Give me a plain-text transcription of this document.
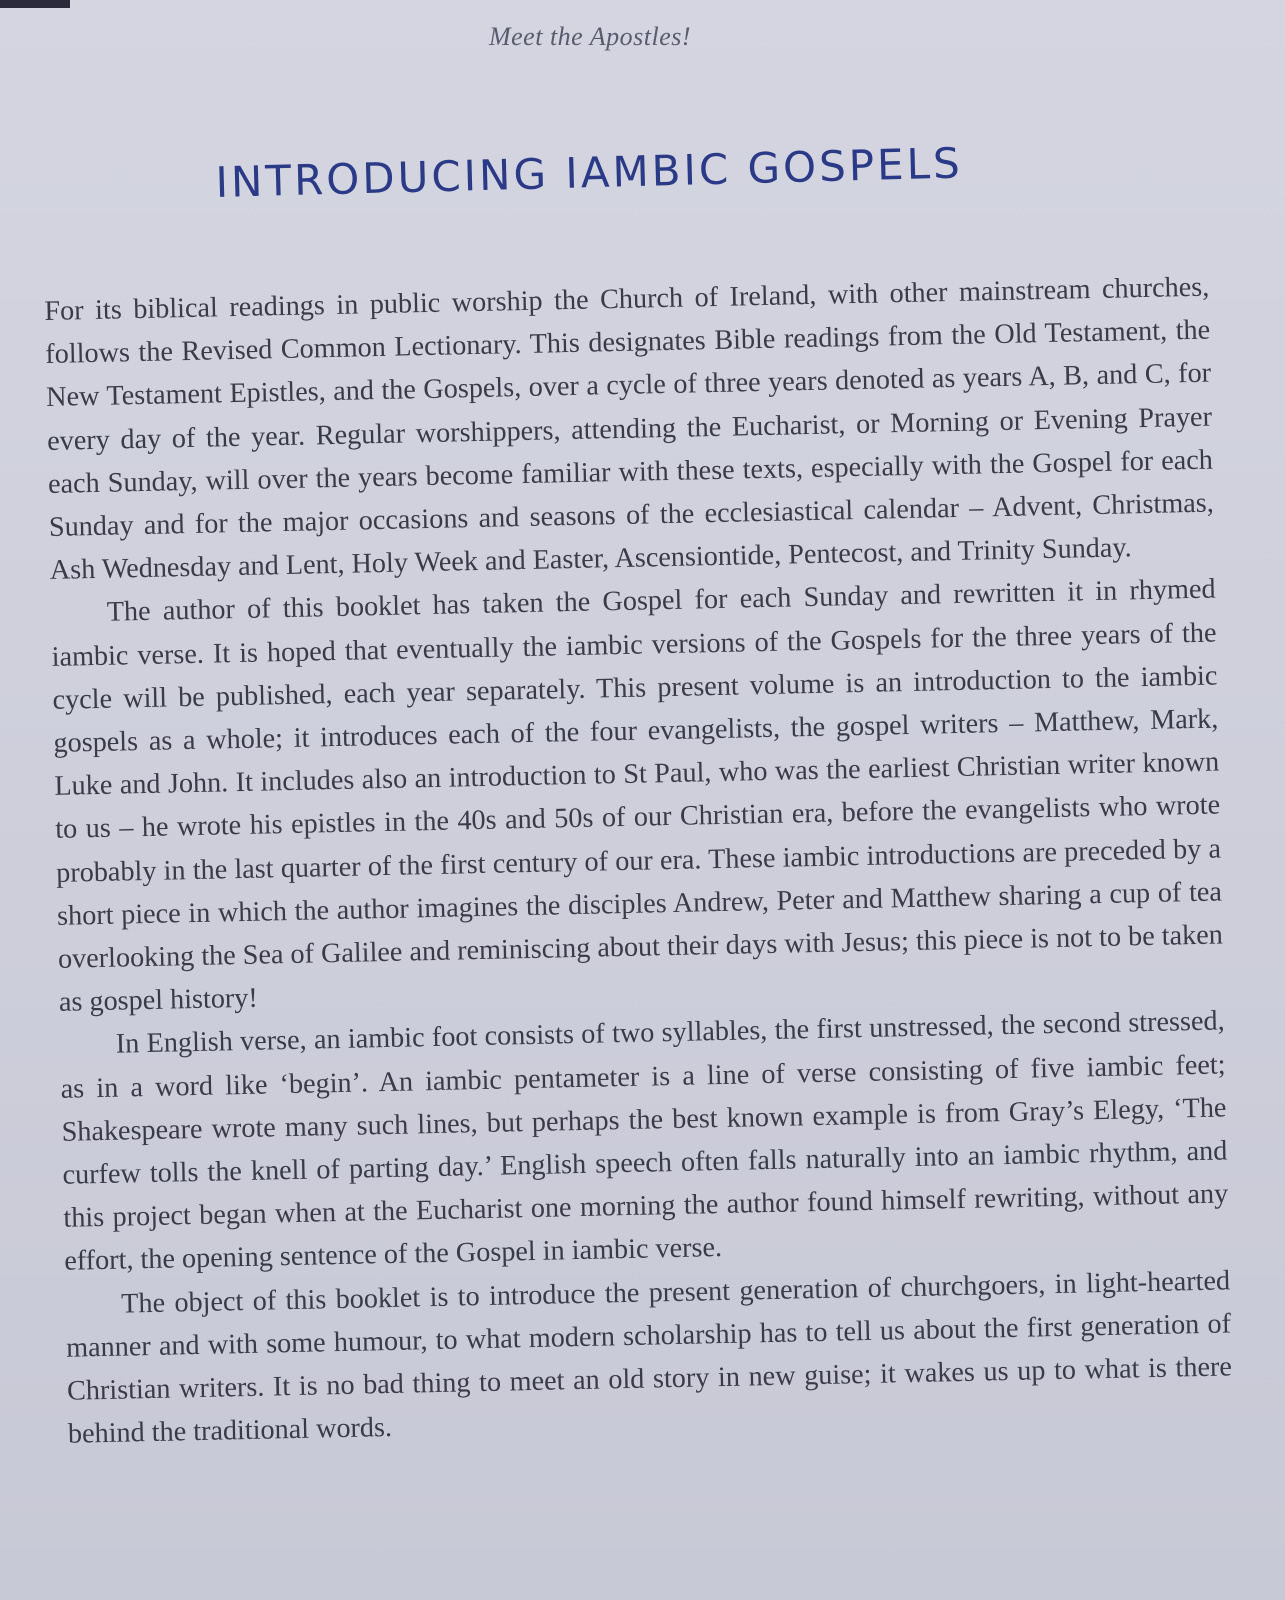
Meet the Apostles!
INTRODUCING IAMBIC GOSPELS

For its biblical readings in public worship the Church of Ireland, with other mainstream churches, follows the Revised Common Lectionary. This designates Bible readings from the Old Testament, the New Testament Epistles, and the Gospels, over a cycle of three years denoted as years A, B, and C, for every day of the year. Regular worshippers, attending the Eucharist, or Morning or Evening Prayer each Sunday, will over the years become familiar with these texts, especially with the Gospel for each Sunday and for the major occasions and seasons of the ecclesiastical calendar – Advent, Christmas, Ash Wednesday and Lent, Holy Week and Easter, Ascensiontide, Pentecost, and Trinity Sunday.

The author of this booklet has taken the Gospel for each Sunday and rewritten it in rhymed iambic verse. It is hoped that eventually the iambic versions of the Gospels for the three years of the cycle will be published, each year separately. This present volume is an introduction to the iambic gospels as a whole; it introduces each of the four evangelists, the gospel writers – Matthew, Mark, Luke and John. It includes also an introduction to St Paul, who was the earliest Christian writer known to us – he wrote his epistles in the 40s and 50s of our Christian era, before the evangelists who wrote probably in the last quarter of the first century of our era. These iambic introductions are preceded by a short piece in which the author imagines the disciples Andrew, Peter and Matthew sharing a cup of tea overlooking the Sea of Galilee and reminiscing about their days with Jesus; this piece is not to be taken as gospel history!

In English verse, an iambic foot consists of two syllables, the first unstressed, the second stressed, as in a word like ‘begin’. An iambic pentameter is a line of verse consisting of five iambic feet; Shakespeare wrote many such lines, but perhaps the best known example is from Gray’s Elegy, ‘The curfew tolls the knell of parting day.’ English speech often falls naturally into an iambic rhythm, and this project began when at the Eucharist one morning the author found himself rewriting, without any effort, the opening sentence of the Gospel in iambic verse.

The object of this booklet is to introduce the present generation of churchgoers, in light-hearted manner and with some humour, to what modern scholarship has to tell us about the first generation of Christian writers. It is no bad thing to meet an old story in new guise; it wakes us up to what is there behind the traditional words.
